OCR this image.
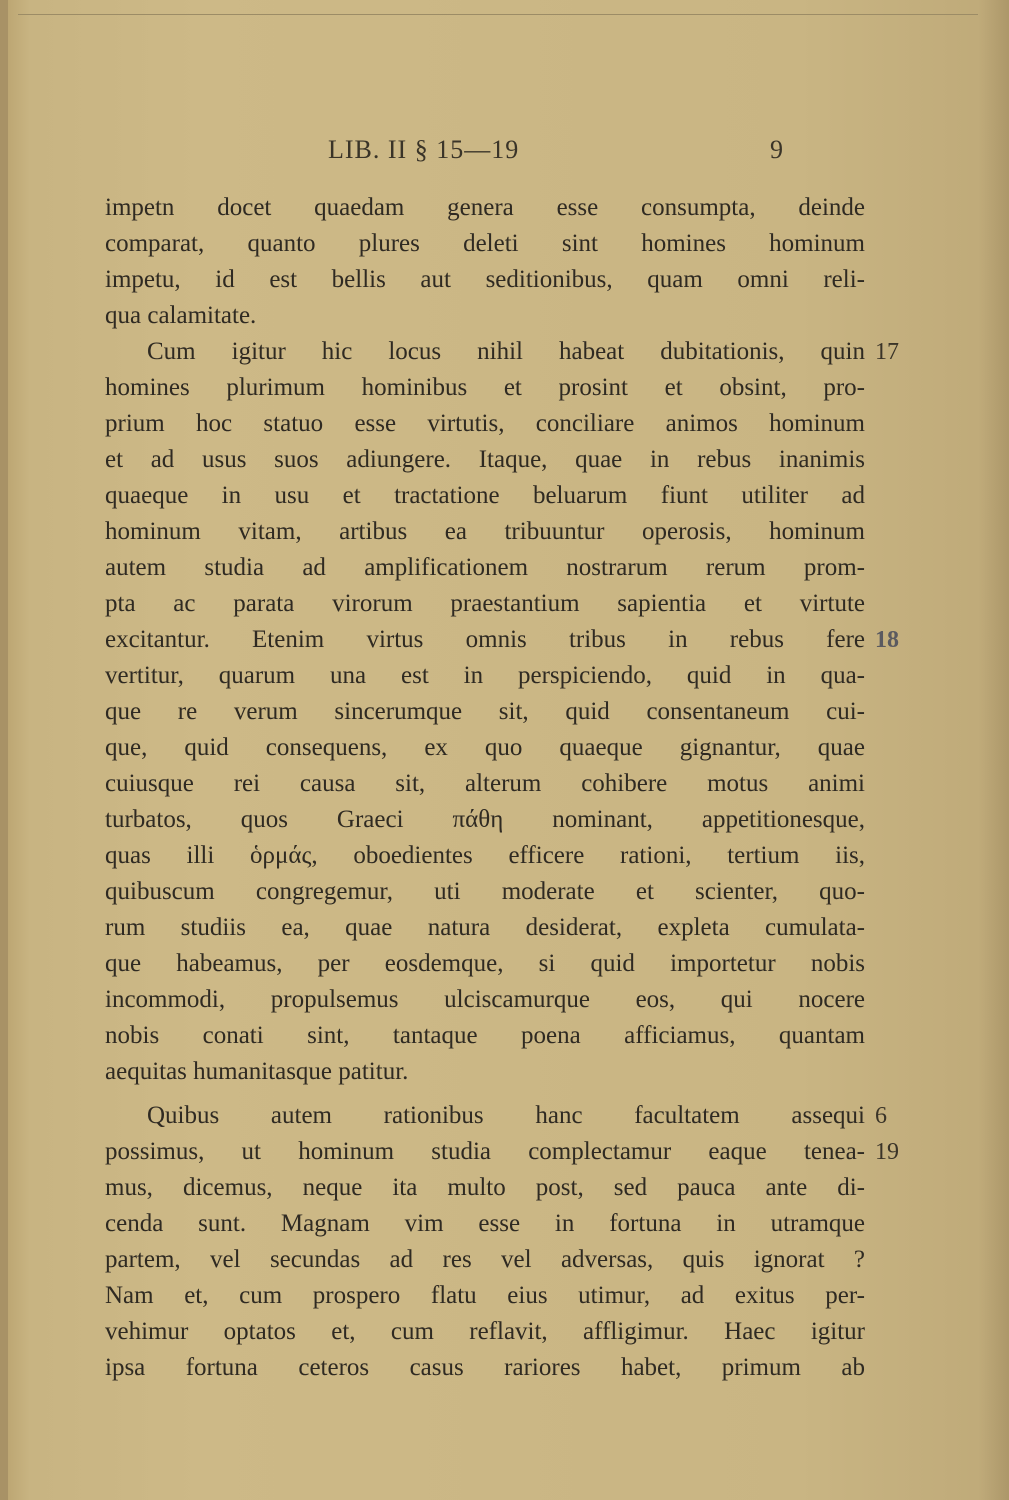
LIB. II § 15—19	9
impetn docet quaedam genera esse consumpta, deinde
comparat, quanto plures deleti sint homines hominum
impetu, id est bellis aut seditionibus, quam omni reli-
qua calamitate.
Cum igitur hic locus nihil habeat dubitationis, quin
homines plurimum hominibus et prosint et obsint, pro-
prium hoc statuo esse virtutis, conciliare animos hominum
et ad usus suos adiungere. Itaque, quae in rebus inanimis
quaeque in usu et tractatione beluarum fiunt utiliter ad
hominum vitam, artibus ea tribuuntur operosis, hominum
autem studia ad amplificationem nostrarum rerum prom-
pta ac parata virorum praestantium sapientia et virtute
excitantur. Etenim virtus omnis tribus in rebus fere
vertitur, quarum una est in perspiciendo, quid in qua-
que re verum sincerumque sit, quid consentaneum cui-
que, quid consequens, ex quo quaeque gignantur, quae
cuiusque rei causa sit, alterum cohibere motus animi
turbatos, quos Graeci πάθη nominant, appetitionesque,
quas illi ὁρμάς, oboedientes efficere rationi, tertium iis,
quibuscum congregemur, uti moderate et scienter, quo-
rum studiis ea, quae natura desiderat, expleta cumulata-
que habeamus, per eosdemque, si quid importetur nobis
incommodi, propulsemus ulciscamurque eos, qui nocere
nobis conati sint, tantaque poena afficiamus, quantam
aequitas humanitasque patitur.
Quibus autem rationibus hanc facultatem assequi
possimus, ut hominum studia complectamur eaque tenea-
mus, dicemus, neque ita multo post, sed pauca ante di-
cenda sunt. Magnam vim esse in fortuna in utramque
partem, vel secundas ad res vel adversas, quis ignorat ?
Nam et, cum prospero flatu eius utimur, ad exitus per-
vehimur optatos et, cum reflavit, affligimur. Haec igitur
ipsa fortuna ceteros casus rariores habet, primum ab
17
18
6
19
